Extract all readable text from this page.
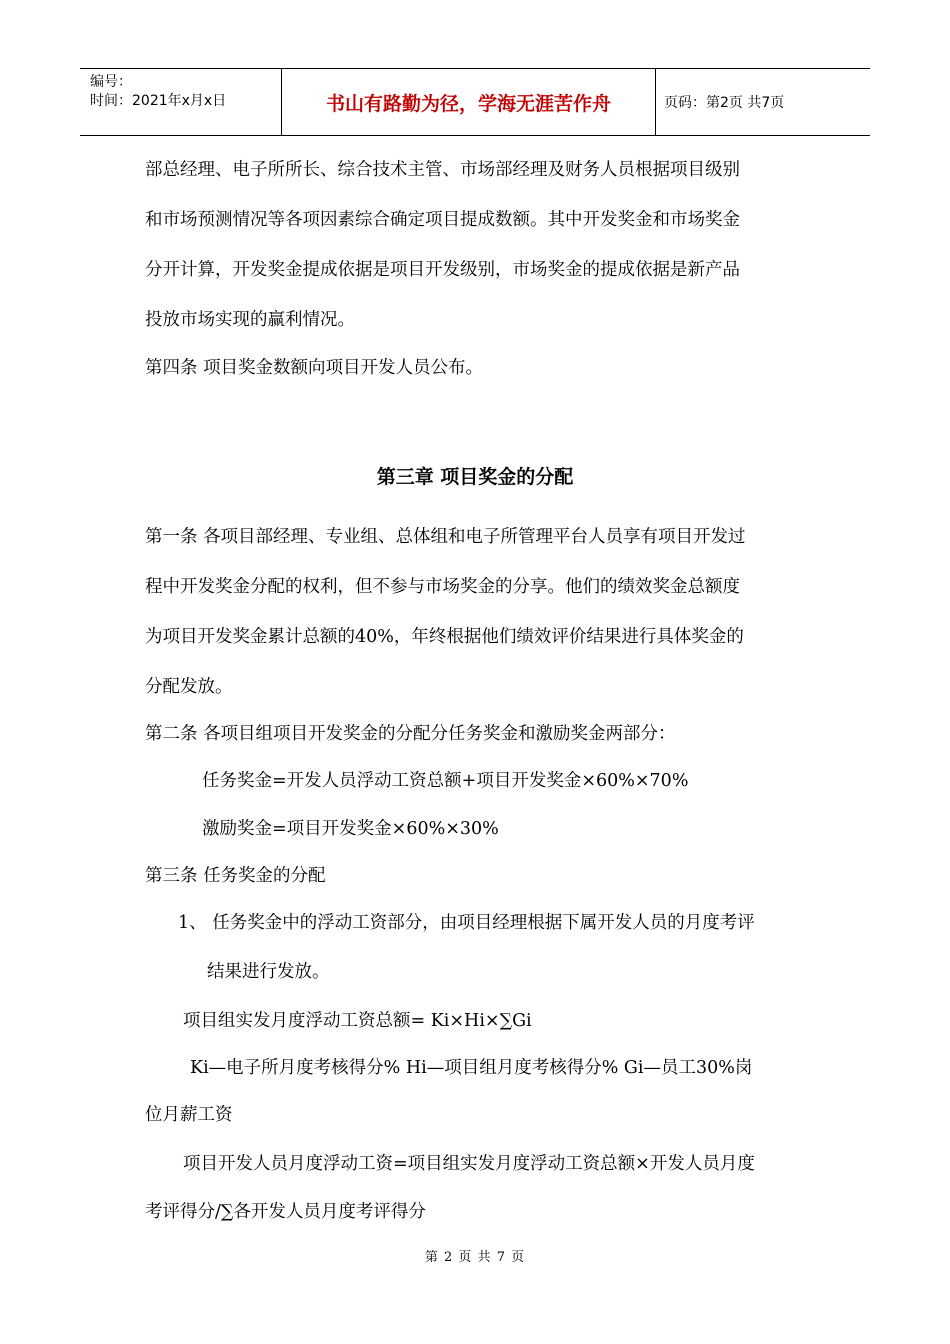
编号：
时间：2021年x月x日	书山有路勤为径，学海无涯苦作舟	页码：第2页 共7页

部总经理、电子所所长、综合技术主管、市场部经理及财务人员根据项目级别

和市场预测情况等各项因素综合确定项目提成数额。其中开发奖金和市场奖金

分开计算，开发奖金提成依据是项目开发级别，市场奖金的提成依据是新产品

投放市场实现的赢利情况。

第四条 项目奖金数额向项目开发人员公布。

第三章 项目奖金的分配

第一条 各项目部经理、专业组、总体组和电子所管理平台人员享有项目开发过

程中开发奖金分配的权利，但不参与市场奖金的分享。他们的绩效奖金总额度

为项目开发奖金累计总额的40%，年终根据他们绩效评价结果进行具体奖金的

分配发放。

第二条 各项目组项目开发奖金的分配分任务奖金和激励奖金两部分：

任务奖金=开发人员浮动工资总额+项目开发奖金×60%×70%

激励奖金=项目开发奖金×60%×30%

第三条 任务奖金的分配

1、 任务奖金中的浮动工资部分，由项目经理根据下属开发人员的月度考评

结果进行发放。

项目组实发月度浮动工资总额= Ki×Hi×∑Gi

Ki—电子所月度考核得分% Hi—项目组月度考核得分% Gi—员工30%岗

位月薪工资

项目开发人员月度浮动工资=项目组实发月度浮动工资总额×开发人员月度

考评得分/∑各开发人员月度考评得分

第 2 页 共 7 页
